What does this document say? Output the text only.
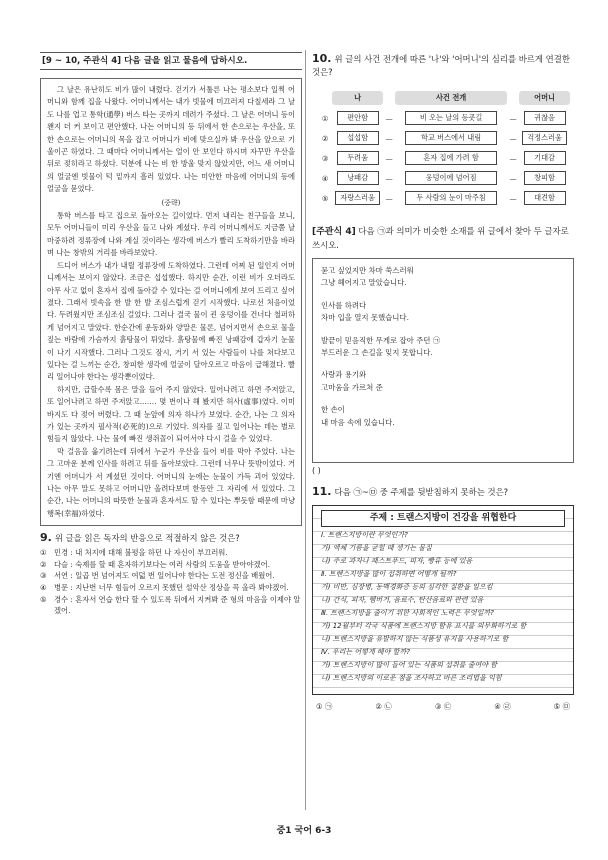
[9 ~ 10, 주관식 4] 다음 글을 읽고 물음에 답하시오.

그 날은 유난히도 비가 많이 내렸다. 걷기가 서툴른 나는 평소보다 일찍 어머니와 함께 집을 나왔다. 어머니께서는 내가 빗물에 미끄러져 다칠세라 그 날도 나를 업고 통학(通學) 버스 타는 곳까지 데려가 주셨다. 그 날은 어머니 등이 왠지 더 커 보이고 편안했다. 나는 어머니의 등 뒤에서 한 손으로는 우산을, 또 한 손으로는 어머니의 목을 잡고 어머니가 비에 맞으실까 봐 우산을 앞으로 기울이곤 하였다. 그 때마다 어머니께서는 얼이 안 보인다 하시며 자꾸만 우산을 뒤로 젖히라고 하셨다. 덕분에 나는 비 한 방울 맞지 않았지만, 어느 새 어머니의 얼굴엔 빗물이 턱 밑까지 흘러 있었다. 나는 미안한 마음에 어머니의 등에 얼굴을 묻었다.

(중략)

통학 버스를 타고 집으로 돌아오는 길이었다. 먼저 내리는 친구들을 보니, 모두 어머니들이 미리 우산을 들고 나와 계셨다. 우리 어머니께서도 지금쯤 날 마중하려 정류장에 나와 계실 것이라는 생각에 버스가 빨리 도착하기만을 바라며 나는 창밖의 거리를 바라보았다.

드디어 버스가 내가 내릴 정류장에 도착하였다. 그런데 어찌 된 일인지 어머니께서는 보이지 않았다. 조금은 섭섭했다. 하지만 순간, 이런 비가 오더라도 아무 사고 없이 혼자서 집에 돌아갈 수 있다는 걸 어머니에게 보여 드리고 싶어졌다. 그래서 빗속을 한 발 한 발 조심스럽게 걷기 시작했다. 나로선 처음이었다. 두려웠지만 조심조심 걸었다. 그러나 결국 물이 괸 웅덩이를 건너다 철퍼하게 넘어지고 말았다. 한순간에 운동화와 양말은 물론, 넘어지면서 손으로 물을 짚는 바람에 가슴까지 흙탕물이 튀었다. 흙탕물에 빠진 낭패감에 갑자기 눈물이 나기 시작했다. 그러나 그것도 잠시, 거기 서 있는 사람들이 나를 쳐다보고 있다는 걸 느끼는 순간, 창피한 생각에 얼굴이 달아오르고 마음이 급해졌다. 빨리 일어나야 한다는 생각뿐이었다.

하지만, 급할수록 몸은 말을 들어 주지 않았다. 일어나려고 하면 주저앉고, 또 일어나려고 하면 주저앉고……. 몇 번이나 해 봤지만 허사(虛事)였다. 이미 바지도 다 젖어 버렸다. 그 때 눈앞에 의자 하나가 보였다. 순간, 나는 그 의자가 있는 곳까지 필사적(必死的)으로 기었다. 의자를 짚고 일어나는 데는 별로 힘들지 않았다. 나는 물에 빠진 생쥐꼴이 되어서야 다시 걸을 수 있었다.

막 걸음을 옮기려는데 뒤에서 누군가 우산을 들어 비를 막아 주었다. 나는 그 고마운 분께 인사를 하려고 뒤를 돌아보았다. 그런데 너무나 뜻밖이었다. 거기엔 어머니가 서 계셨던 것이다. 어머니의 눈에는 눈물이 가득 괴어 있었다. 나는 아무 말도 못하고 어머니만 올려다보며 한동안 그 자리에 서 있었다. 그 순간, 나는 어머니의 따뜻한 눈물과 혼자서도 할 수 있다는 뿌듯함 때문에 마냥 행복(幸福)하였다.

9. 위 글을 읽은 독자의 반응으로 적절하지 않은 것은?
①	민경 : 내 처지에 대해 불평을 하던 나 자신이 부끄러워.
②	다슬 : 숙제를 할 때 혼자하기보다는 여러 사람의 도움을 받아야겠어.
③	서연 : 일곱 번 넘어져도 여덟 번 일어나야 한다는 도전 정신을 배웠어.
④	병문 : 지난번 너무 힘들어 오르지 못했던 설악산 정상을 꼭 올라 봐야겠어.
⑤	경수 : 혼자서 연습 한다 할 수 있도록 뒤에서 지켜봐 준 형의 마음을 이제야 알겠어.
10. 위 글의 사건 전개에 따른 '나'와 '어머니'의 심리를 바르게 연결한 것은?

	나		사건 전개		어머니

①	편안함	—	비 오는 날의 등굣길	—	귀찮음
②	섭섭함	—	학교 버스에서 내림	—	걱정스러움
③	두려움	—	혼자 집에 가려 함	—	기대감
④	낭패감	—	웅덩이에 넘어짐	—	창피함
⑤	자랑스러움	—	두 사람의 눈이 마주침	—	대견함
[주관식 4] 다음 ㉠과 의미가 비슷한 소재를 위 글에서 찾아 두 글자로 쓰시오.
묻고 싶었지만 차마 쑥스러워
그냥 헤어지고 말았습니다.
인사를 하려다
차마 입을 열지 못했습니다.
발끝이 믿음직한 무게로 잡아 주던 ㉠
부드러운 그 손길을 잊지 못합니다.
사랑과 용기와
고마움을 가르쳐 준
한 손이
내 마음 속에 있습니다.
( )
11. 다음 ㉠~㉤ 중 주제를 뒷받침하지 못하는 것은?
주제 : 트랜스지방이 건강을 위협한다
Ⅰ. 트랜스지방이란 무엇인가?
가) 액체 기름을 굳힐 때 생기는 물질
나) 주로 과자나 패스트푸드, 피자, 빵류 등에 있음
Ⅱ. 트랜스지방을 많이 섭취하면 어떻게 될까?
가) 비만, 심장병, 동맥경화증 등의 심각한 질환을 일으킴
나) 간식, 피자, 햄버거, 음료수, 탄산음료와 관련 있음
Ⅲ. 트랜스지방을 줄이기 위한 사회적인 노력은 무엇일까?
가) 12월부터 각국 식품에 트랜스지방 함유 표시를 의무화하기로 함
나) 트랜스지방을 유발하지 않는 식품성 유지를 사용하기로 함
Ⅳ. 우리는 어떻게 해야 할까?
가) 트랜스지방이 많이 들어 있는 식품의 섭취를 줄여야 함
나) 트랜스지방의 이로운 점을 조사하고 바른 조리법을 익힘
① ㉠	② ㉡	③ ㉢	④ ㉣	⑤ ㉤
중1 국어 6-3
